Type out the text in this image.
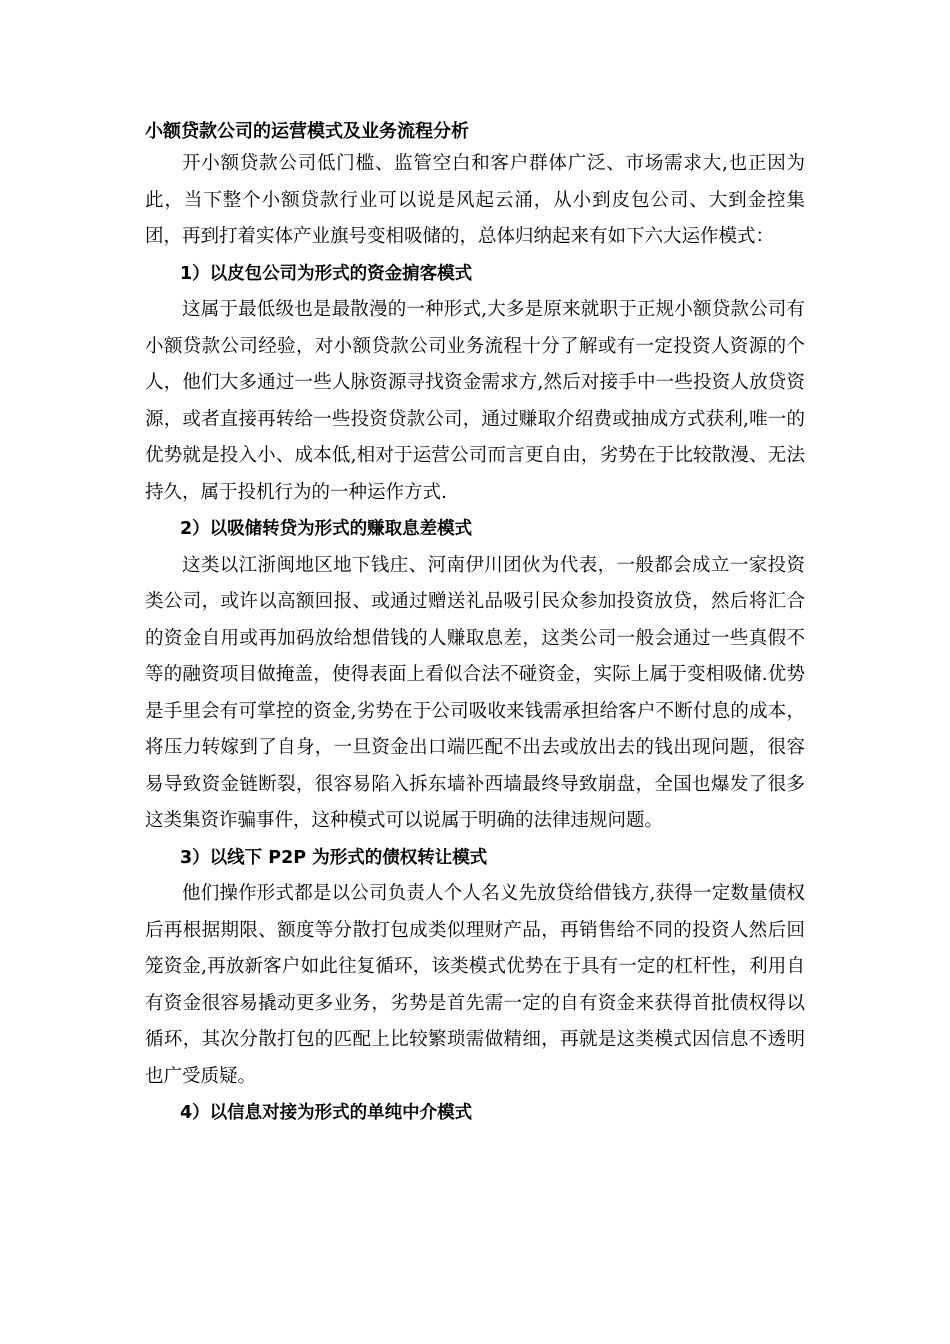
小额贷款公司的运营模式及业务流程分析

开小额贷款公司低门槛、监管空白和客户群体广泛、市场需求大,也正因为此，当下整个小额贷款行业可以说是风起云涌，从小到皮包公司、大到金控集团，再到打着实体产业旗号变相吸储的，总体归纳起来有如下六大运作模式：

1）以皮包公司为形式的资金掮客模式

这属于最低级也是最散漫的一种形式,大多是原来就职于正规小额贷款公司有小额贷款公司经验，对小额贷款公司业务流程十分了解或有一定投资人资源的个人，他们大多通过一些人脉资源寻找资金需求方,然后对接手中一些投资人放贷资源，或者直接再转给一些投资贷款公司，通过赚取介绍费或抽成方式获利,唯一的优势就是投入小、成本低,相对于运营公司而言更自由，劣势在于比较散漫、无法持久，属于投机行为的一种运作方式.

2）以吸储转贷为形式的赚取息差模式

这类以江浙闽地区地下钱庄、河南伊川团伙为代表，一般都会成立一家投资类公司，或许以高额回报、或通过赠送礼品吸引民众参加投资放贷，然后将汇合的资金自用或再加码放给想借钱的人赚取息差，这类公司一般会通过一些真假不等的融资项目做掩盖，使得表面上看似合法不碰资金，实际上属于变相吸储.优势是手里会有可掌控的资金,劣势在于公司吸收来钱需承担给客户不断付息的成本，将压力转嫁到了自身，一旦资金出口端匹配不出去或放出去的钱出现问题，很容易导致资金链断裂，很容易陷入拆东墙补西墙最终导致崩盘，全国也爆发了很多这类集资诈骗事件，这种模式可以说属于明确的法律违规问题。

3）以线下 P2P 为形式的债权转让模式

他们操作形式都是以公司负责人个人名义先放贷给借钱方,获得一定数量债权后再根据期限、额度等分散打包成类似理财产品，再销售给不同的投资人然后回笼资金,再放新客户如此往复循环，该类模式优势在于具有一定的杠杆性，利用自有资金很容易撬动更多业务，劣势是首先需一定的自有资金来获得首批债权得以循环，其次分散打包的匹配上比较繁琐需做精细，再就是这类模式因信息不透明也广受质疑。

4）以信息对接为形式的单纯中介模式
